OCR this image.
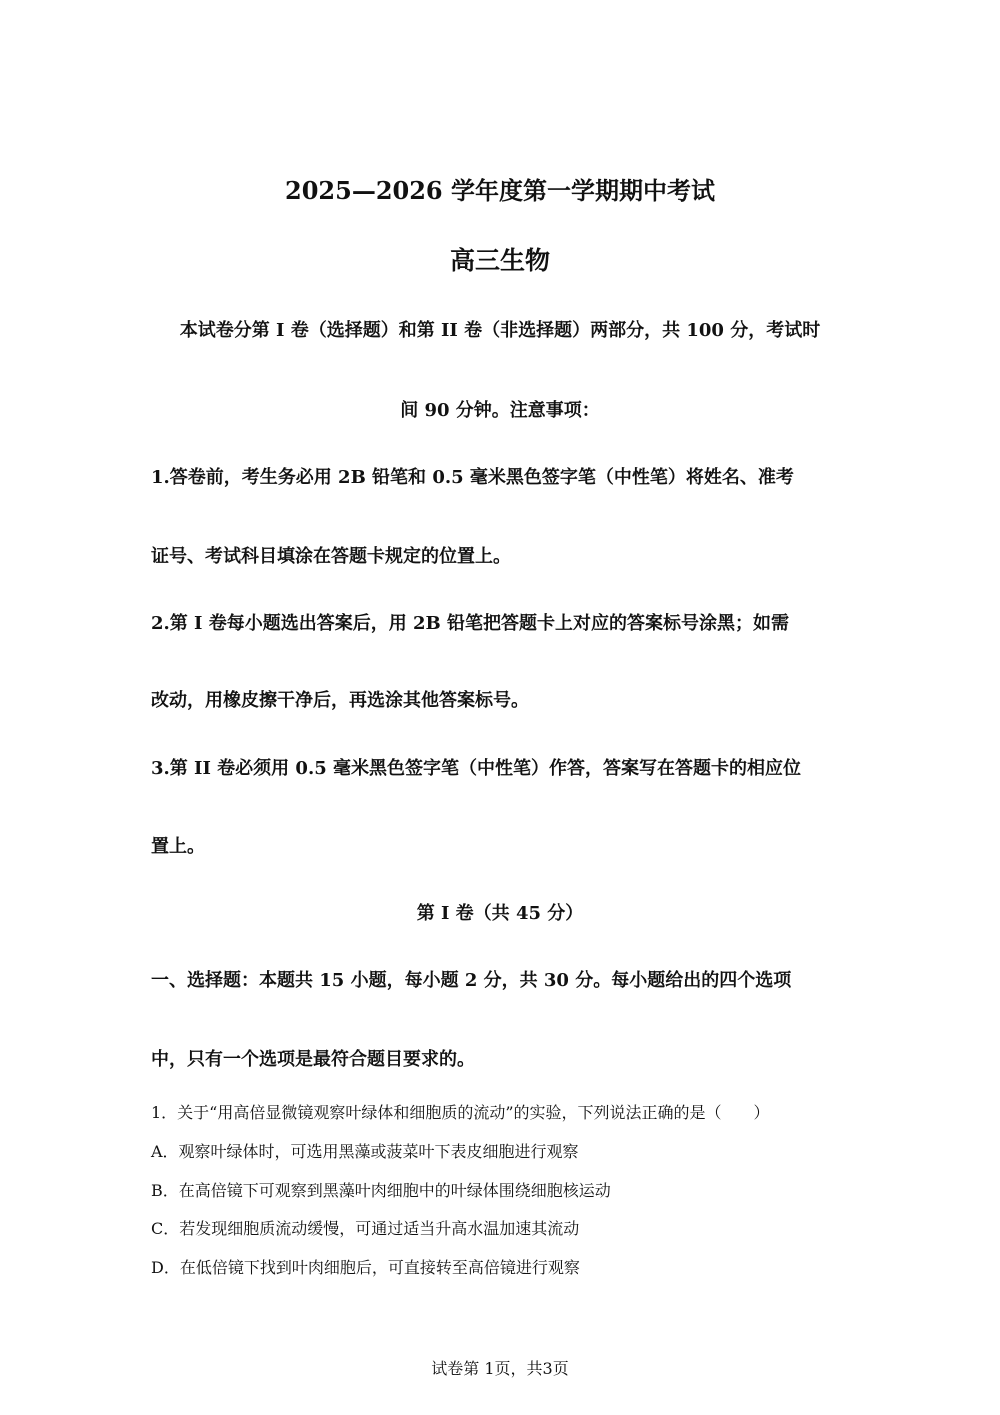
2025—2026 学年度第一学期期中考试
高三生物
本试卷分第 I 卷（选择题）和第 II 卷（非选择题）两部分，共 100 分，考试时
间 90 分钟。注意事项：
1.答卷前，考生务必用 2B 铅笔和 0.5 毫米黑色签字笔（中性笔）将姓名、准考
证号、考试科目填涂在答题卡规定的位置上。
2.第 I 卷每小题选出答案后，用 2B 铅笔把答题卡上对应的答案标号涂黑；如需
改动，用橡皮擦干净后，再选涂其他答案标号。
3.第 II 卷必须用 0.5 毫米黑色签字笔（中性笔）作答，答案写在答题卡的相应位
置上。
第 I 卷（共 45 分）
一、选择题：本题共 15 小题，每小题 2 分，共 30 分。每小题给出的四个选项
中，只有一个选项是最符合题目要求的。
1．关于“用高倍显微镜观察叶绿体和细胞质的流动”的实验，下列说法正确的是（　　）
A．观察叶绿体时，可选用黑藻或菠菜叶下表皮细胞进行观察
B．在高倍镜下可观察到黑藻叶肉细胞中的叶绿体围绕细胞核运动
C．若发现细胞质流动缓慢，可通过适当升高水温加速其流动
D．在低倍镜下找到叶肉细胞后，可直接转至高倍镜进行观察
试卷第 1页，共3页
